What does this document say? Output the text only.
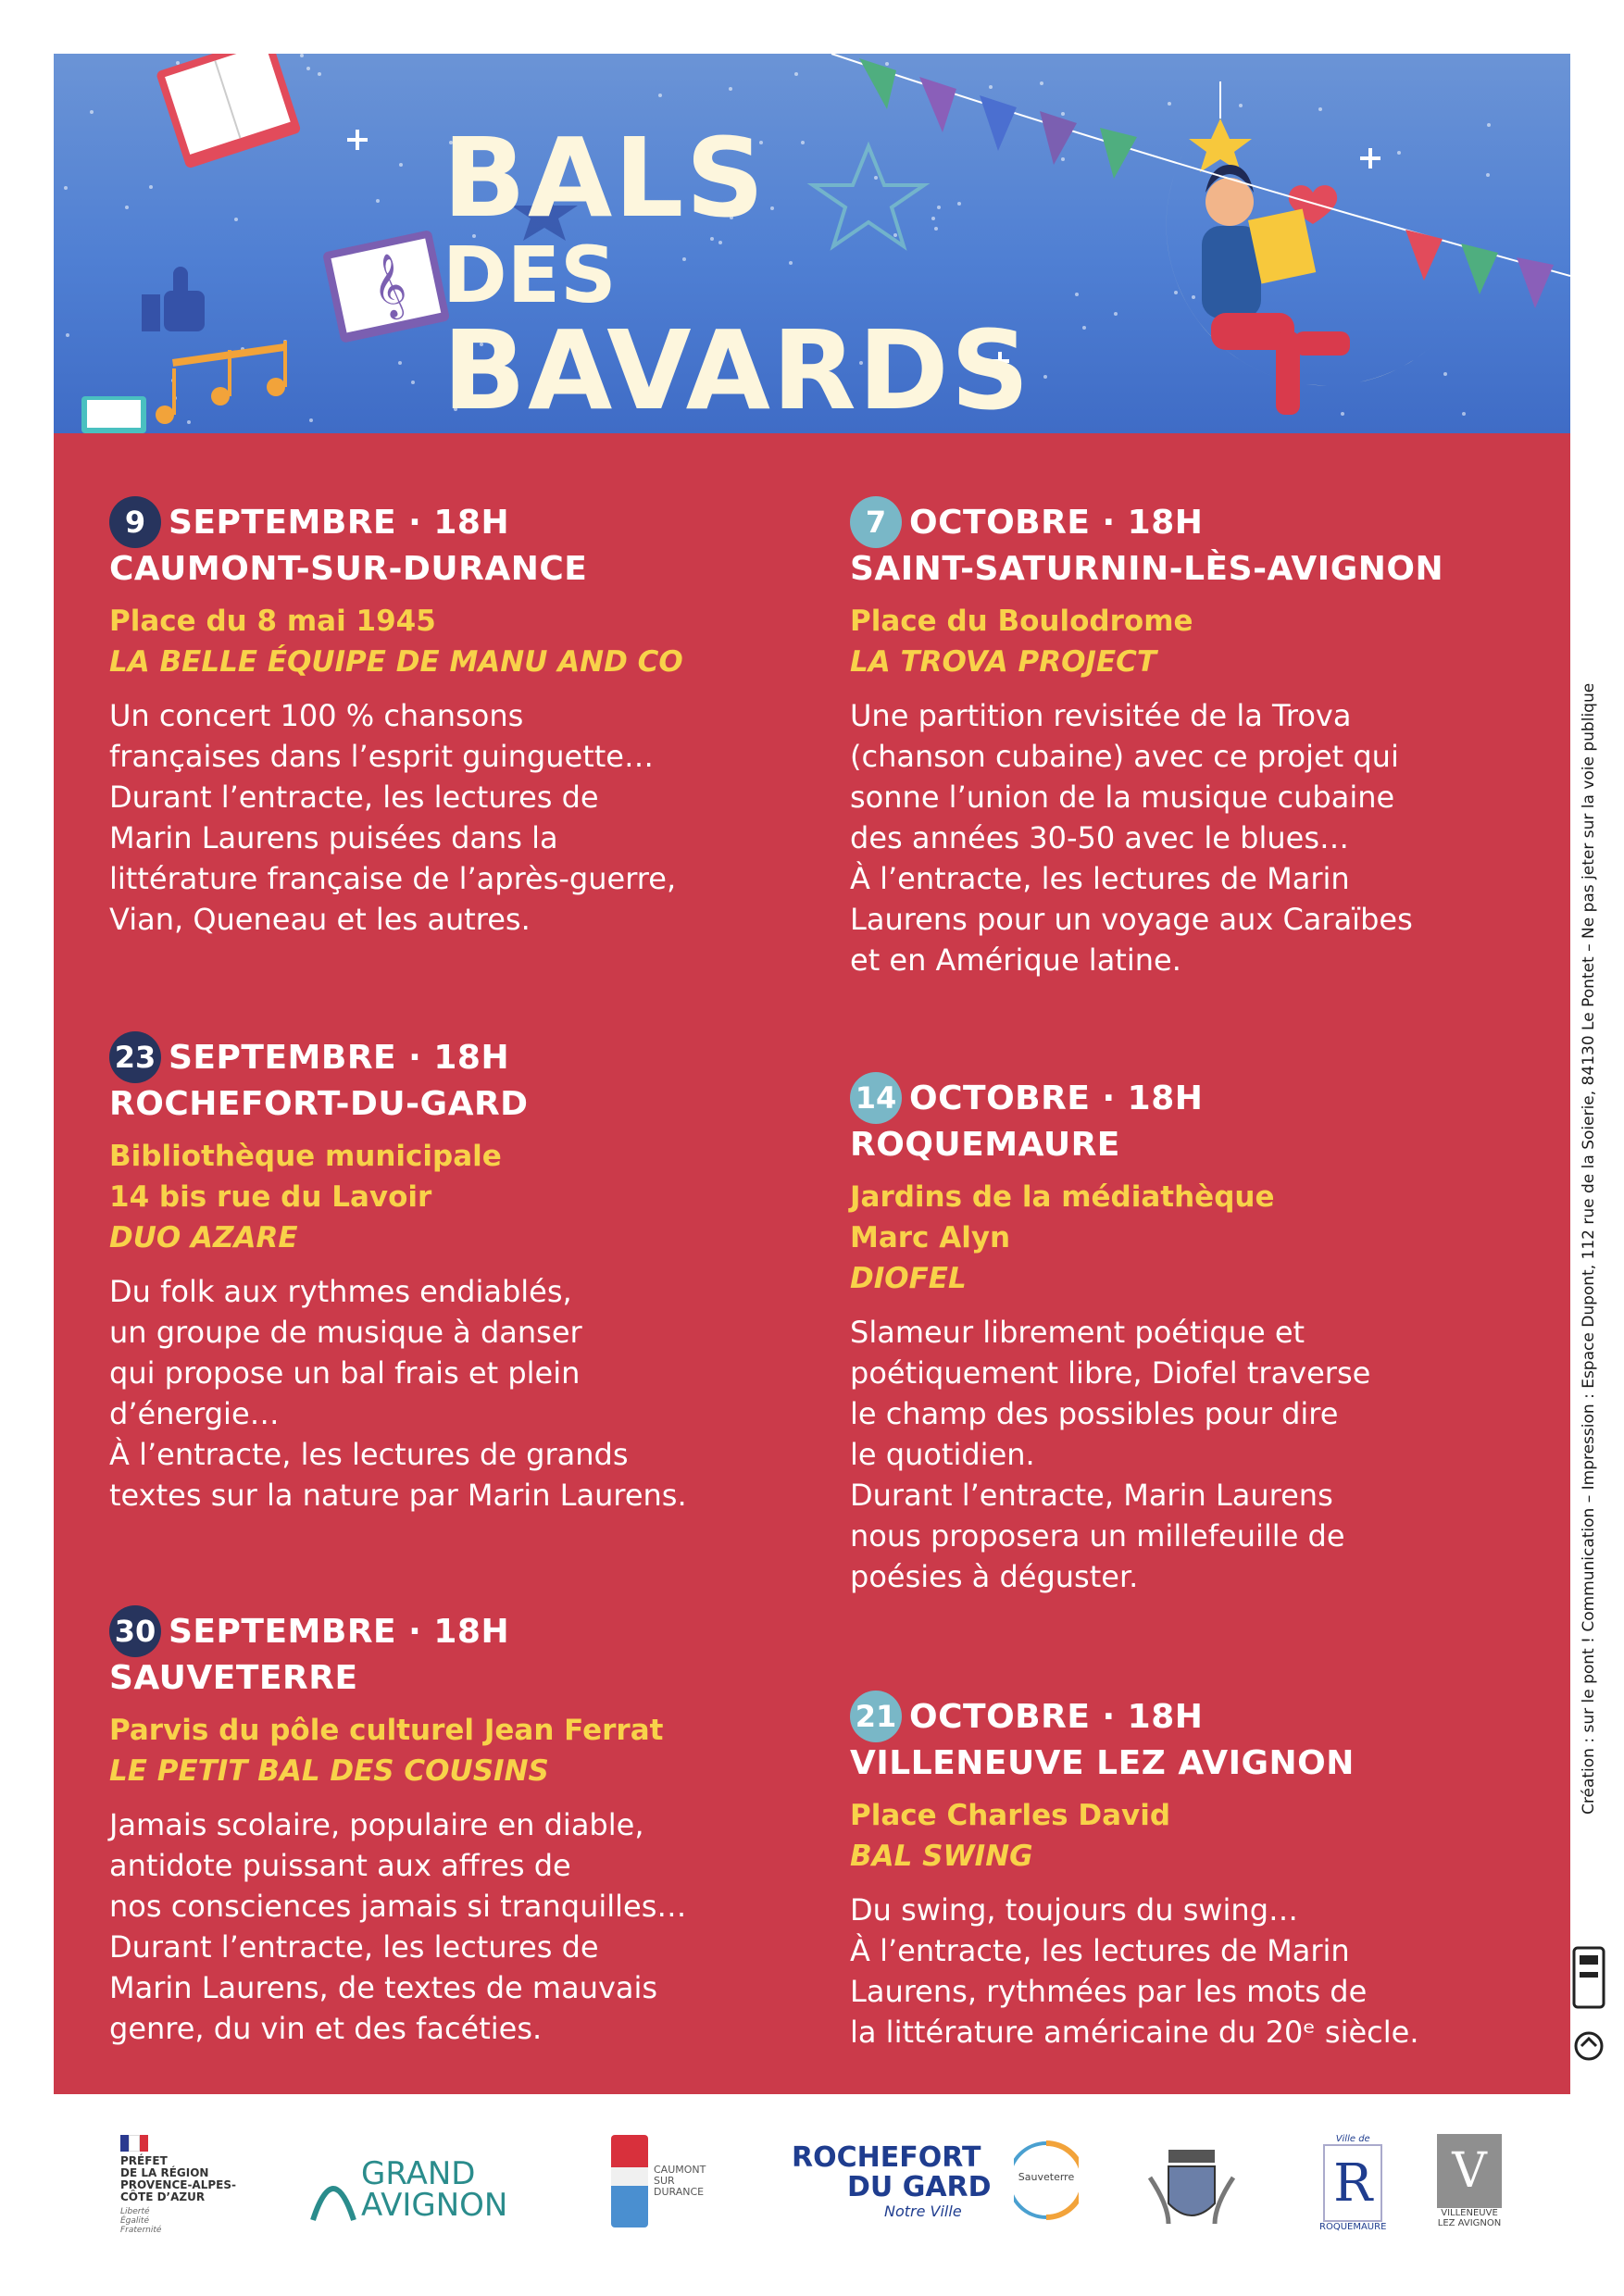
𝄞
BALS
DES
BAVARDS
9 SEPTEMBRE · 18H
CAUMONT-SUR-DURANCE
Place du 8 mai 1945
LA BELLE ÉQUIPE DE MANU AND CO
Un concert 100 % chansons
françaises dans l’esprit guinguette…
Durant l’entracte, les lectures de
Marin Laurens puisées dans la
littérature française de l’après-guerre,
Vian, Queneau et les autres.
23 SEPTEMBRE · 18H
ROCHEFORT-DU-GARD
Bibliothèque municipale
14 bis rue du Lavoir
DUO AZARE
Du folk aux rythmes endiablés,
un groupe de musique à danser
qui propose un bal frais et plein
d’énergie…
À l’entracte, les lectures de grands
textes sur la nature par Marin Laurens.
30 SEPTEMBRE · 18H
SAUVETERRE
Parvis du pôle culturel Jean Ferrat
LE PETIT BAL DES COUSINS
Jamais scolaire, populaire en diable,
antidote puissant aux affres de
nos consciences jamais si tranquilles…
Durant l’entracte, les lectures de
Marin Laurens, de textes de mauvais
genre, du vin et des facéties.
7 OCTOBRE · 18H
SAINT-SATURNIN-LÈS-AVIGNON
Place du Boulodrome
LA TROVA PROJECT
Une partition revisitée de la Trova
(chanson cubaine) avec ce projet qui
sonne l’union de la musique cubaine
des années 30-50 avec le blues…
À l’entracte, les lectures de Marin
Laurens pour un voyage aux Caraïbes
et en Amérique latine.
14 OCTOBRE · 18H
ROQUEMAURE
Jardins de la médiathèque
Marc Alyn
DIOFEL
Slameur librement poétique et
poétiquement libre, Diofel traverse
le champ des possibles pour dire
le quotidien.
Durant l’entracte, Marin Laurens
nous proposera un millefeuille de
poésies à déguster.
21 OCTOBRE · 18H
VILLENEUVE LEZ AVIGNON
Place Charles David
BAL SWING
Du swing, toujours du swing…
À l’entracte, les lectures de Marin
Laurens, rythmées par les mots de
la littérature américaine du 20ᵉ siècle.
Création : sur le pont ! Communication – Impression : Espace Dupont, 112 rue de la Soierie, 84130 Le Pontet – Ne pas jeter sur la voie publique
PRÉFET
DE LA RÉGION
PROVENCE-ALPES-
CÔTE D’AZUR
Liberté
Égalité
Fraternité
GRAND
AVIGNON
CAUMONT
SUR
DURANCE
ROCHEFORT
DU GARD
Notre Ville
Sauveterre
Ville de
R
ROQUEMAURE
V
VILLENEUVE
LEZ AVIGNON
